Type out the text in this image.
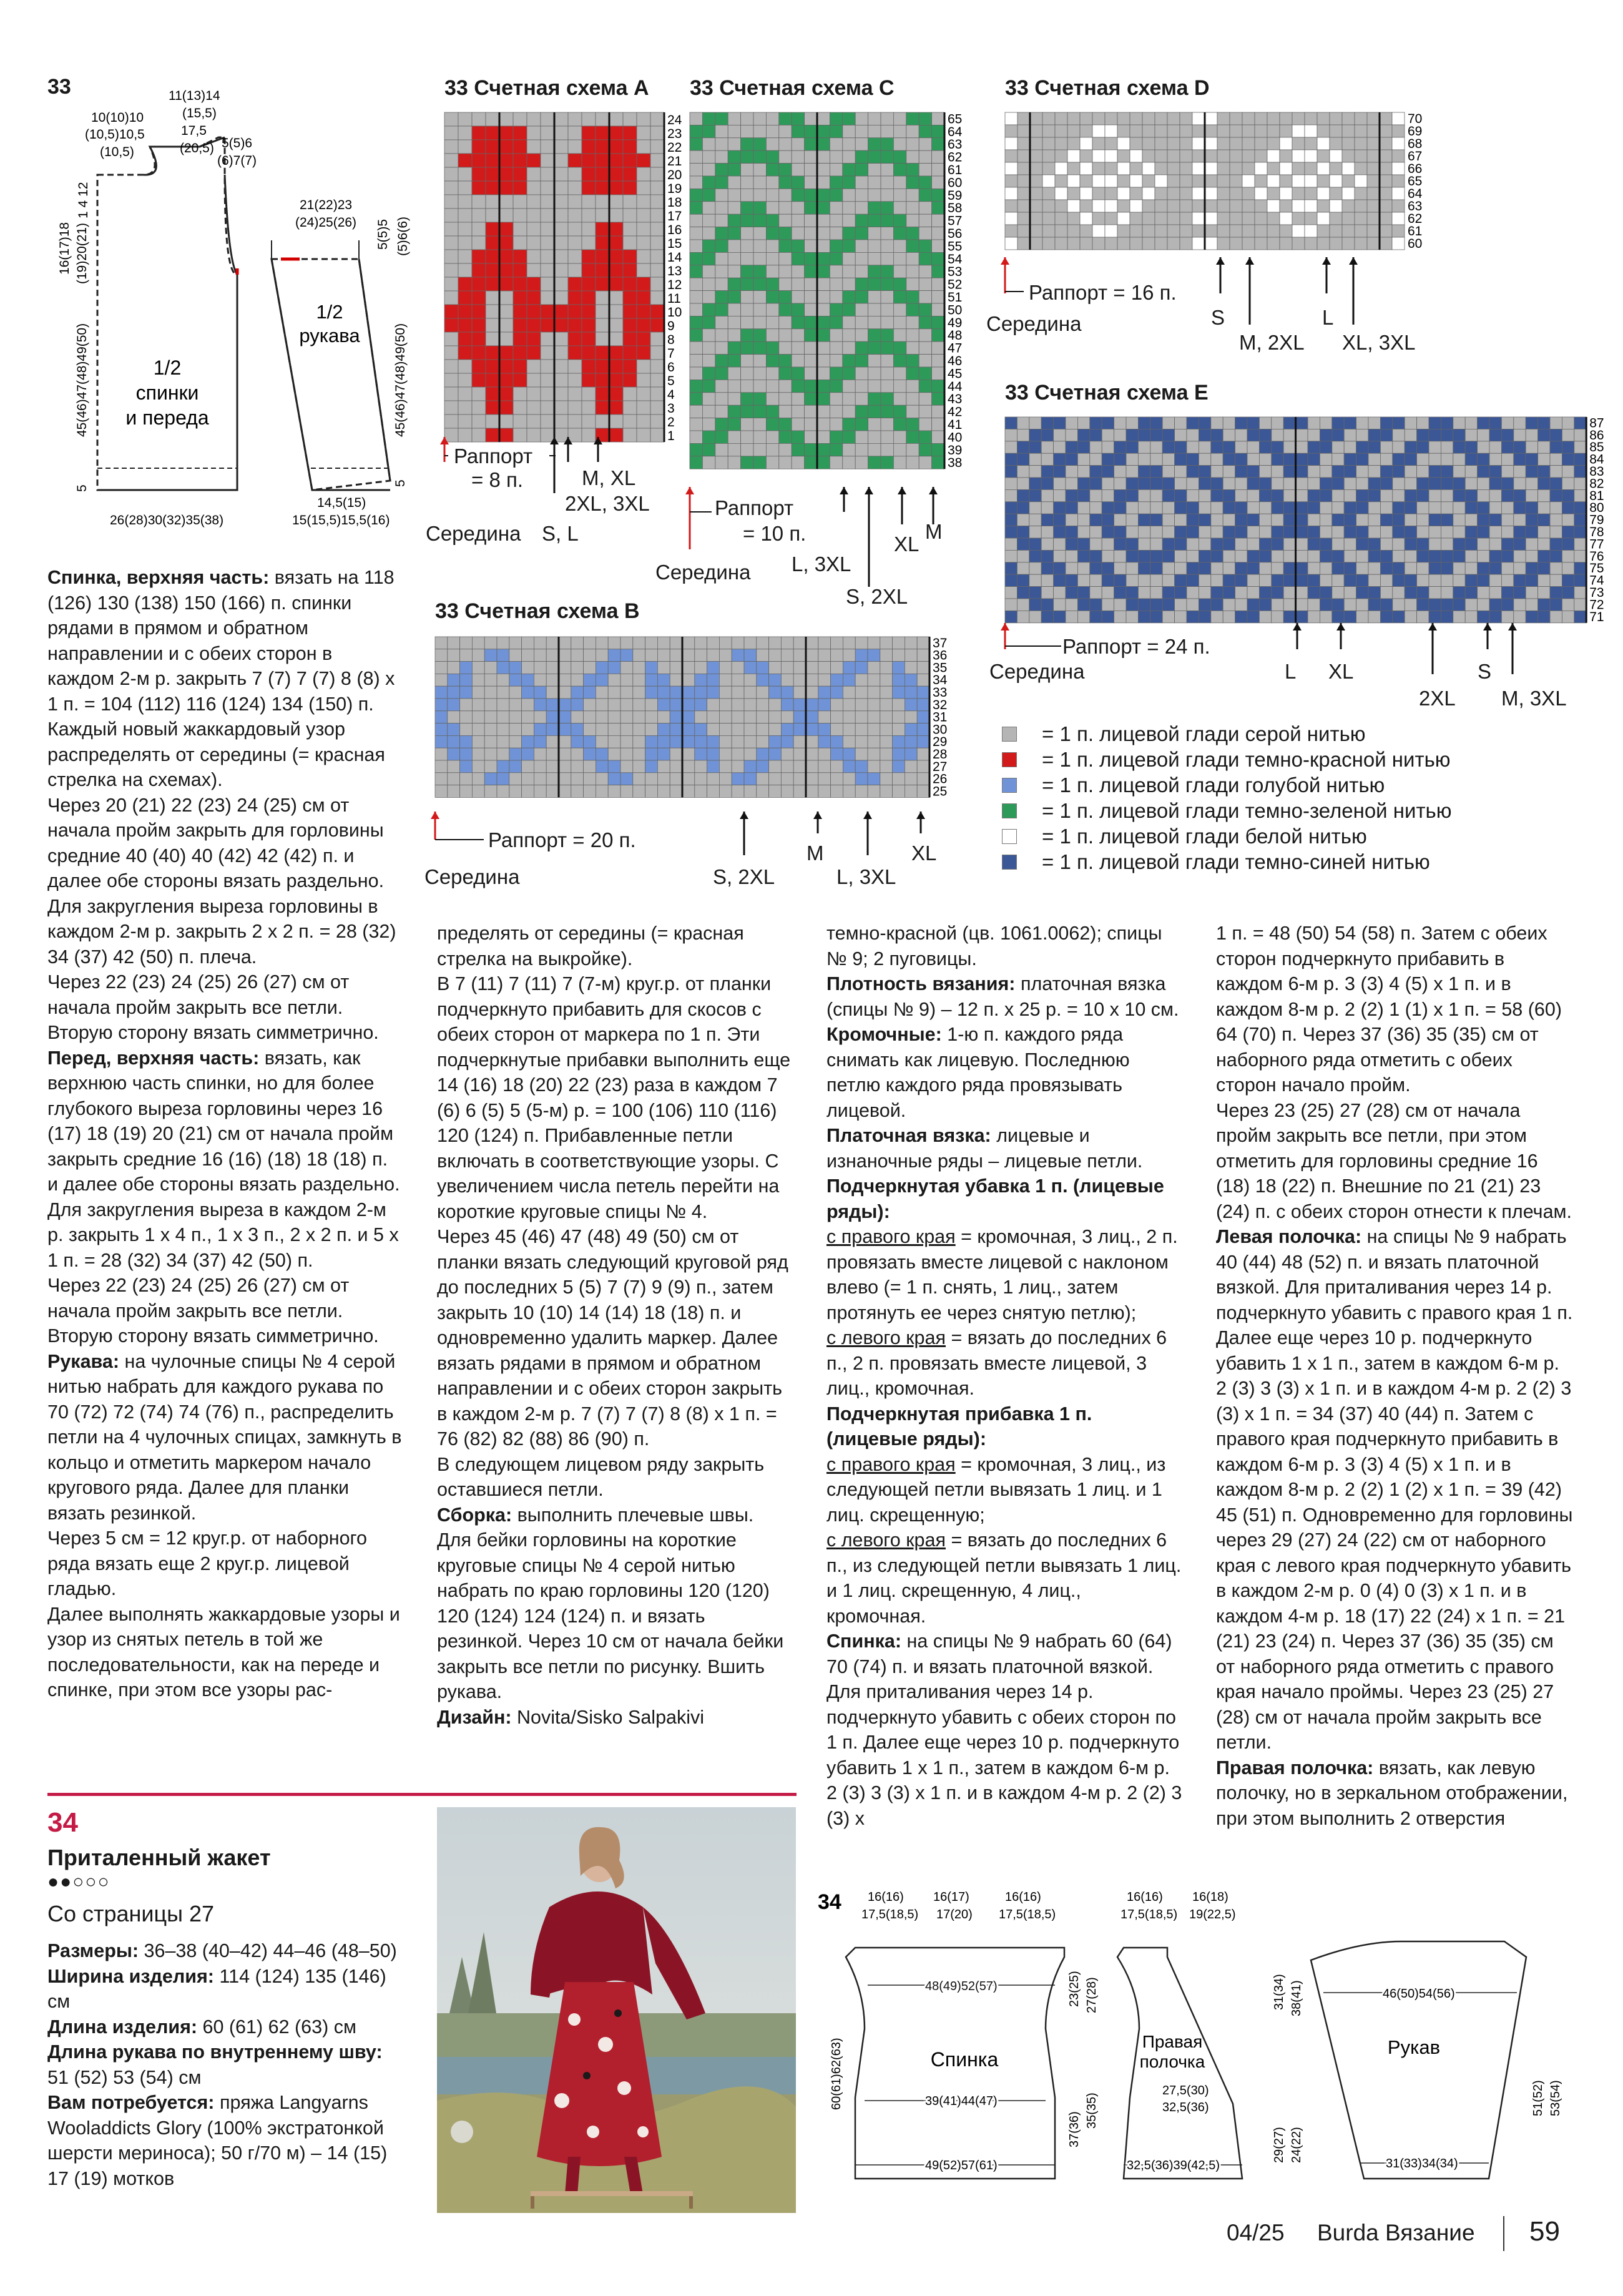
33	11(13)14
(15,5)
17,5
(20,5)
10(10)10
(10,5)10,5
(10,5)
5(5)6
(6)7(7)
1 4 12
16(17)18 (19)20(21)
45(46)47(48)49(50)
5
1/2
спинки
и переда
26(28)30(32)35(38)
21(22)23
(24)25(26) 5(5)5 (5)6(6)
45(46)47(48)49(50)
5
1/2
рукава
14,5(15)
15(15,5)15,5(16)
33 Счетная схема A 33 Счетная схема C	33 Счетная схема D
33 Счетная схема E
33 Счетная схема B
24
23
22
21
20
19
18
17
16
15
14
13
12
11
10
9
8
7
6
5
4
3
2
1
65
64
63
62
61
60
59
58
57
56
55
54
53
52
51
50
49
48
47
46
45
44
43
42
41
40
39
38
70
69
68
67
66
65
64
63
62
61
60
87
86
85
84
83
82
81
80
79
78
77
76
75
74
73
72
71
37
36
35
34
33
32
31
30
29
28
27
26
25
Раппорт
= 8 п.
Середина S, L
M, XL
2XL, 3XL	Раппорт
= 10 п.
Середина L, 3XL
S, 2XL
XL
M
Раппорт = 16 п.
Середина	S
M, 2XL
L
XL, 3XL
Раппорт = 24 п.
Середина	L XL
2XL
S
M, 3XL
Раппорт = 20 п.
Середина	S, 2XL
M
L, 3XL
XL
= 1 п. лицевой глади серой нитью
= 1 п. лицевой глади темно-красной нитью
= 1 п. лицевой глади голубой нитью
= 1 п. лицевой глади темно-зеленой нитью
= 1 п. лицевой глади белой нитью
= 1 п. лицевой глади темно-синей нитью

Спинка, верхняя часть: вязать на 118 (126) 130 (138) 150 (166) п. спинки рядами в прямом и обратном направлении и с обеих сторон в каждом 2-м р. закрыть 7 (7) 7 (7) 8 (8) х 1 п. = 104 (112) 116 (124) 134 (150) п. Каждый новый жаккардовый узор распределять от середины (= красная стрелка на схемах).

Через 20 (21) 22 (23) 24 (25) см от начала пройм закрыть для горловины средние 40 (40) 40 (42) 42 (42) п. и далее обе стороны вязать раздельно. Для закругления выреза горловины в каждом 2-м р. закрыть 2 х 2 п. = 28 (32) 34 (37) 42 (50) п. плеча.

Через 22 (23) 24 (25) 26 (27) см от начала пройм закрыть все петли. Вторую сторону вязать симметрично.

Перед, верхняя часть: вязать, как верхнюю часть спинки, но для более глубокого выреза горловины через 16 (17) 18 (19) 20 (21) см от начала пройм закрыть средние 16 (16) (18) 18 (18) п. и далее обе стороны вязать раздельно. Для закругления выреза в каждом 2-м р. закрыть 1 х 4 п., 1 х 3 п., 2 х 2 п. и 5 х 1 п. = 28 (32) 34 (37) 42 (50) п.

Через 22 (23) 24 (25) 26 (27) см от начала пройм закрыть все петли. Вторую сторону вязать симметрично.

Рукава: на чулочные спицы № 4 серой нитью набрать для каждого рукава по 70 (72) 72 (74) 74 (76) п., распределить петли на 4 чулочных спицах, замкнуть в кольцо и отметить маркером начало кругового ряда. Далее для планки вязать резинкой.

Через 5 см = 12 круг.р. от наборного ряда вязать еще 2 круг.р. лицевой гладью.

Далее выполнять жаккардовые узоры и узор из снятых петель в той же последовательности, как на переде и спинке, при этом все узоры рас-

пределять от середины (= красная стрелка на выкройке).

В 7 (11) 7 (11) 7 (7-м) круг.р. от планки подчеркнуто прибавить для скосов с обеих сторон от маркера по 1 п. Эти подчеркнутые прибавки выполнить еще 14 (16) 18 (20) 22 (23) раза в каждом 7 (6) 6 (5) 5 (5-м) р. = 100 (106) 110 (116) 120 (124) п. Прибавленные петли включать в соответствующие узоры. С увеличением числа петель перейти на короткие круговые спицы № 4.

Через 45 (46) 47 (48) 49 (50) см от планки вязать следующий круговой ряд до последних 5 (5) 7 (7) 9 (9) п., затем закрыть 10 (10) 14 (14) 18 (18) п. и одновременно удалить маркер. Далее вязать рядами в прямом и обратном направлении и с обеих сторон закрыть в каждом 2-м р. 7 (7) 7 (7) 8 (8) х 1 п. = 76 (82) 82 (88) 86 (90) п.

В следующем лицевом ряду закрыть оставшиеся петли.

Сборка: выполнить плечевые швы. Для бейки горловины на короткие круговые спицы № 4 серой нитью набрать по краю горловины 120 (120) 120 (124) 124 (124) п. и вязать резинкой. Через 10 см от начала бейки закрыть все петли по рисунку. Вшить рукава.

Дизайн: Novita/Sisko Salpakivi

темно-красной (цв. 1061.0062); спицы № 9; 2 пуговицы.

Плотность вязания: платочная вязка (спицы № 9) – 12 п. х 25 р. = 10 х 10 см.

Кромочные: 1-ю п. каждого ряда снимать как лицевую. Последнюю петлю каждого ряда провязывать лицевой.

Платочная вязка: лицевые и изнаночные ряды – лицевые петли.

Подчеркнутая убавка 1 п. (лицевые ряды):

с правого края = кромочная, 3 лиц., 2 п. провязать вместе лицевой с наклоном влево (= 1 п. снять, 1 лиц., затем протянуть ее через снятую петлю);

с левого края = вязать до последних 6 п., 2 п. провязать вместе лицевой, 3 лиц., кромочная.

Подчеркнутая прибавка 1 п. (лицевые ряды):

с правого края = кромочная, 3 лиц., из следующей петли вывязать 1 лиц. и 1 лиц. скрещенную;

с левого края = вязать до последних 6 п., из следующей петли вывязать 1 лиц. и 1 лиц. скрещенную, 4 лиц., кромочная.

Спинка: на спицы № 9 набрать 60 (64) 70 (74) п. и вязать платочной вязкой. Для приталивания через 14 р. подчеркнуто убавить с обеих сторон по 1 п. Далее еще через 10 р. подчеркнуто убавить 1 х 1 п., затем в каждом 6-м р. 2 (3) 3 (3) х 1 п. и в каждом 4-м р. 2 (2) 3 (3) х

1 п. = 48 (50) 54 (58) п. Затем с обеих сторон подчеркнуто прибавить в каждом 6-м р. 3 (3) 4 (5) х 1 п. и в каждом 8-м р. 2 (2) 1 (1) х 1 п. = 58 (60) 64 (70) п. Через 37 (36) 35 (35) см от наборного ряда отметить с обеих сторон начало пройм.

Через 23 (25) 27 (28) см от начала пройм закрыть все петли, при этом отметить для горловины средние 16 (18) 18 (22) п. Внешние по 21 (21) 23 (24) п. с обеих сторон отнести к плечам.

Левая полочка: на спицы № 9 набрать 40 (44) 48 (52) п. и вязать платочной вязкой. Для приталивания через 14 р. подчеркнуто убавить с правого края 1 п. Далее еще через 10 р. подчеркнуто убавить 1 х 1 п., затем в каждом 6-м р. 2 (3) 3 (3) х 1 п. и в каждом 4-м р. 2 (2) 3 (3) х 1 п. = 34 (37) 40 (44) п. Затем с правого края подчеркнуто прибавить в каждом 6-м р. 3 (3) 4 (5) х 1 п. и в каждом 8-м р. 2 (2) 1 (2) х 1 п. = 39 (42) 45 (51) п. Одновременно для горловины через 29 (27) 24 (22) см от наборного края с левого края подчеркнуто убавить в каждом 2-м р. 0 (4) 0 (3) х 1 п. и в каждом 4-м р. 18 (17) 22 (24) х 1 п. = 21 (21) 23 (24) п. Через 37 (36) 35 (35) см от наборного ряда отметить с правого края начало проймы. Через 23 (25) 27 (28) см от начала пройм закрыть все петли.

Правая полочка: вязать, как левую полочку, но в зеркальном отображении, при этом выполнить 2 отверстия

34
Приталенный жакет
●●○○○
Со страницы 27

Размеры: 36–38 (40–42) 44–46 (48–50)

Ширина изделия: 114 (124) 135 (146) см

Длина изделия: 60 (61) 62 (63) см

Длина рукава по внутреннему шву: 51 (52) 53 (54) см

Вам потребуется: пряжа Langyarns Wooladdicts Glory (100% экстратонкой шерсти мериноса); 50 г/70 м) – 14 (15) 17 (19) мотков

34
Спинка
16(16)
17,5(18,5)
16(17)
17(20)
16(16)
17,5(18,5)
48(49)52(57)
39(41)44(47)
49(52)57(61)
60(61)62(63)
23(25) 27(28)
37(36)
35(35)
Правая
полочка
16(16)
17,5(18,5)
16(18)
19(22,5)
27,5(30)
32,5(36)
32,5(36)39(42,5)
31(34) 38(41)
29(27) 24(22)
Рукав
46(50)54(56)
31(33)34(34)
51(52) 53(54)
04/25 Burda Вязание 59
